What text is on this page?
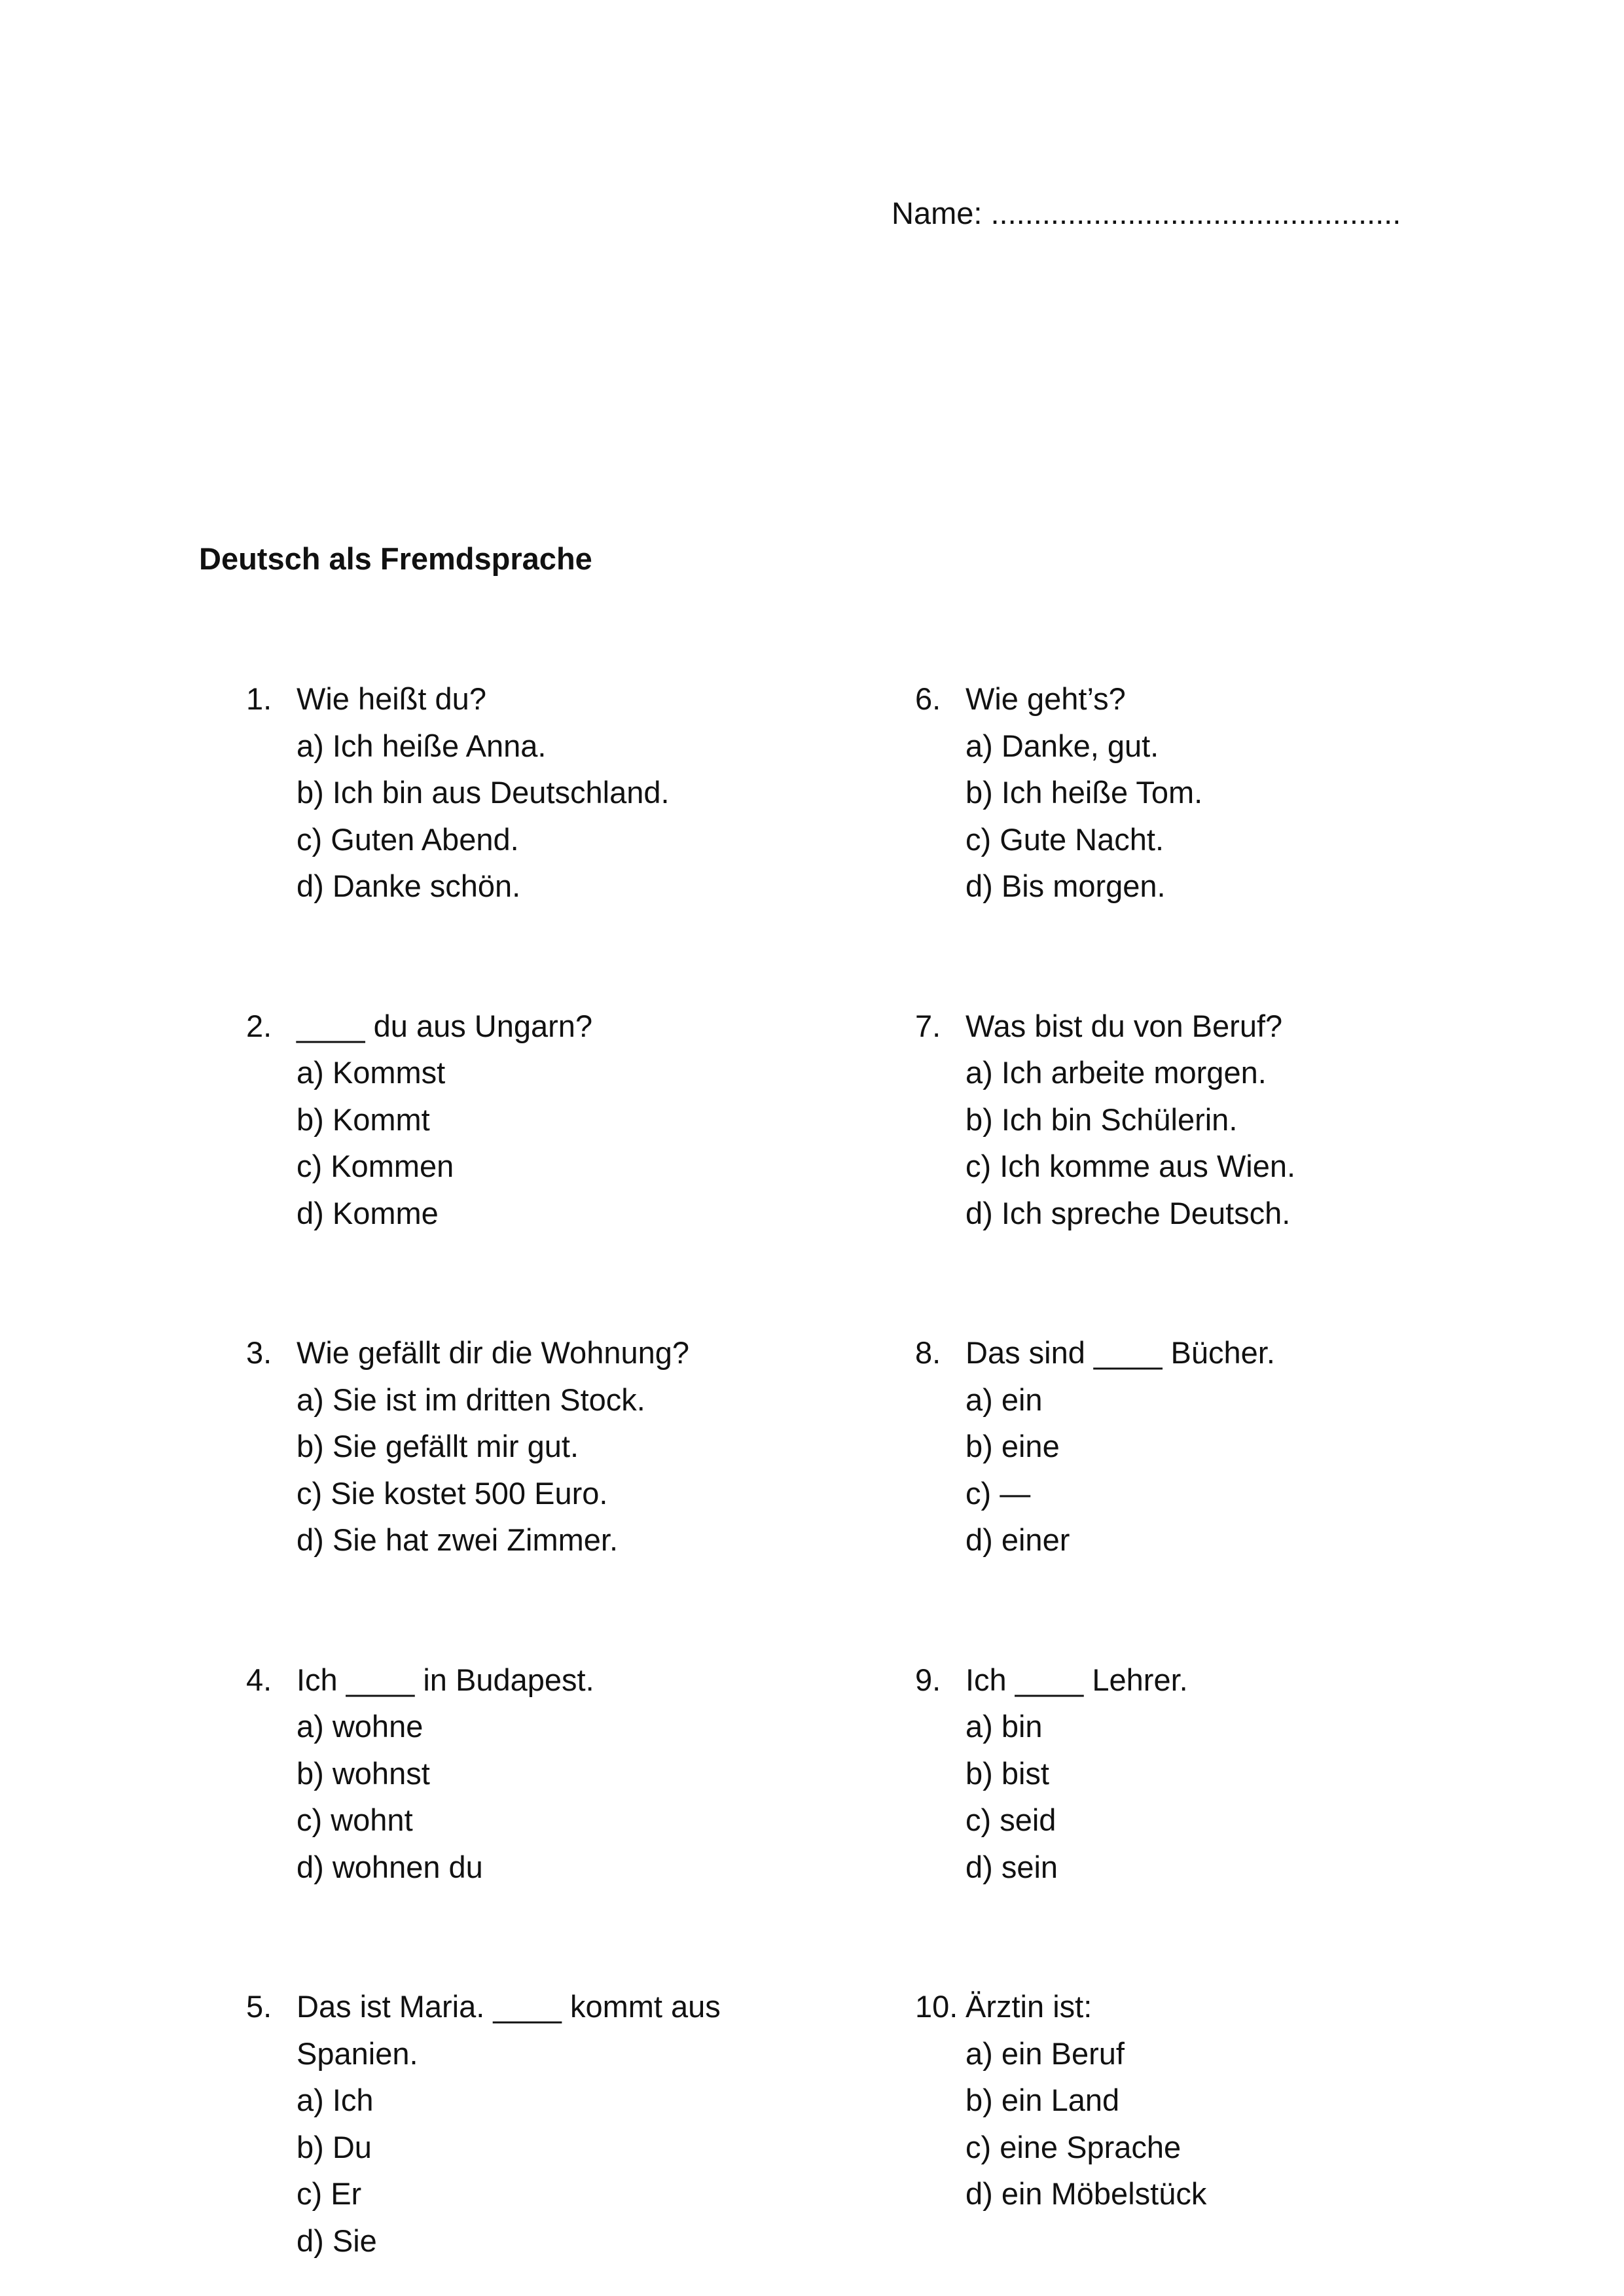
Name: ................................................
Deutsch als Fremdsprache
1. Wie heißt du?
a) Ich heiße Anna.
b) Ich bin aus Deutschland.
c) Guten Abend.
d) Danke schön.
2. ____ du aus Ungarn?
a) Kommst
b) Kommt
c) Kommen
d) Komme
3. Wie gefällt dir die Wohnung?
a) Sie ist im dritten Stock.
b) Sie gefällt mir gut.
c) Sie kostet 500 Euro.
d) Sie hat zwei Zimmer.
4. Ich ____ in Budapest.
a) wohne
b) wohnst
c) wohnt
d) wohnen du
5. Das ist Maria. ____ kommt aus Spanien.
a) Ich
b) Du
c) Er
d) Sie
6. Wie geht’s?
a) Danke, gut.
b) Ich heiße Tom.
c) Gute Nacht.
d) Bis morgen.
7. Was bist du von Beruf?
a) Ich arbeite morgen.
b) Ich bin Schülerin.
c) Ich komme aus Wien.
d) Ich spreche Deutsch.
8. Das sind ____ Bücher.
a) ein
b) eine
c) —
d) einer
9. Ich ____ Lehrer.
a) bin
b) bist
c) seid
d) sein
10. Ärztin ist:
a) ein Beruf
b) ein Land
c) eine Sprache
d) ein Möbelstück
